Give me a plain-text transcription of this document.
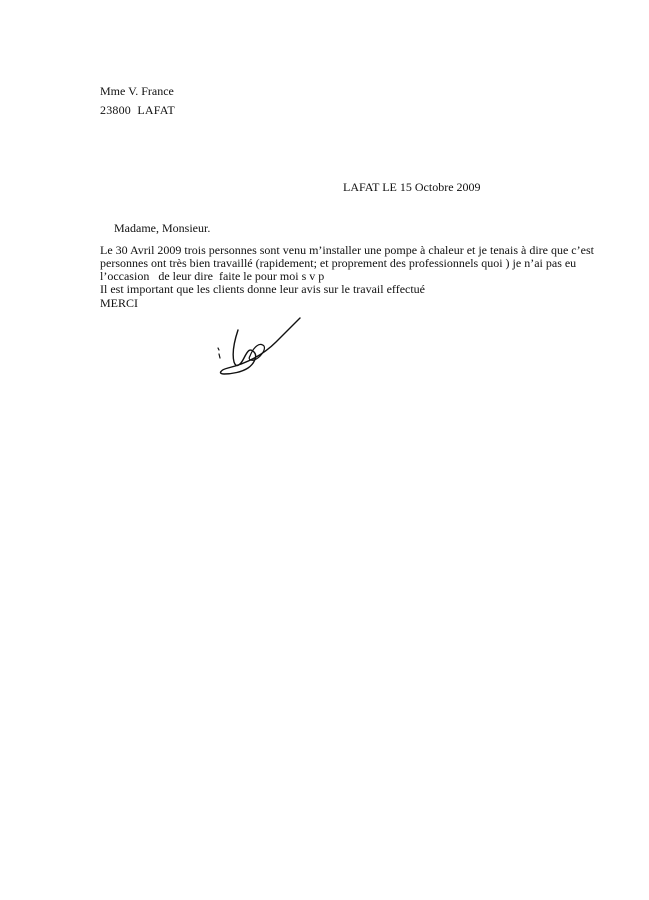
Mme V. France
23800  LAFAT
LAFAT LE 15 Octobre 2009
Madame, Monsieur.
Le 30 Avril 2009 trois personnes sont venu m’installer une pompe à chaleur et je tenais à dire que c’est
personnes ont très bien travaillé (rapidement; et proprement des professionnels quoi ) je n’ai pas eu
l’occasion   de leur dire  faite le pour moi s v p
Il est important que les clients donne leur avis sur le travail effectué
MERCI
